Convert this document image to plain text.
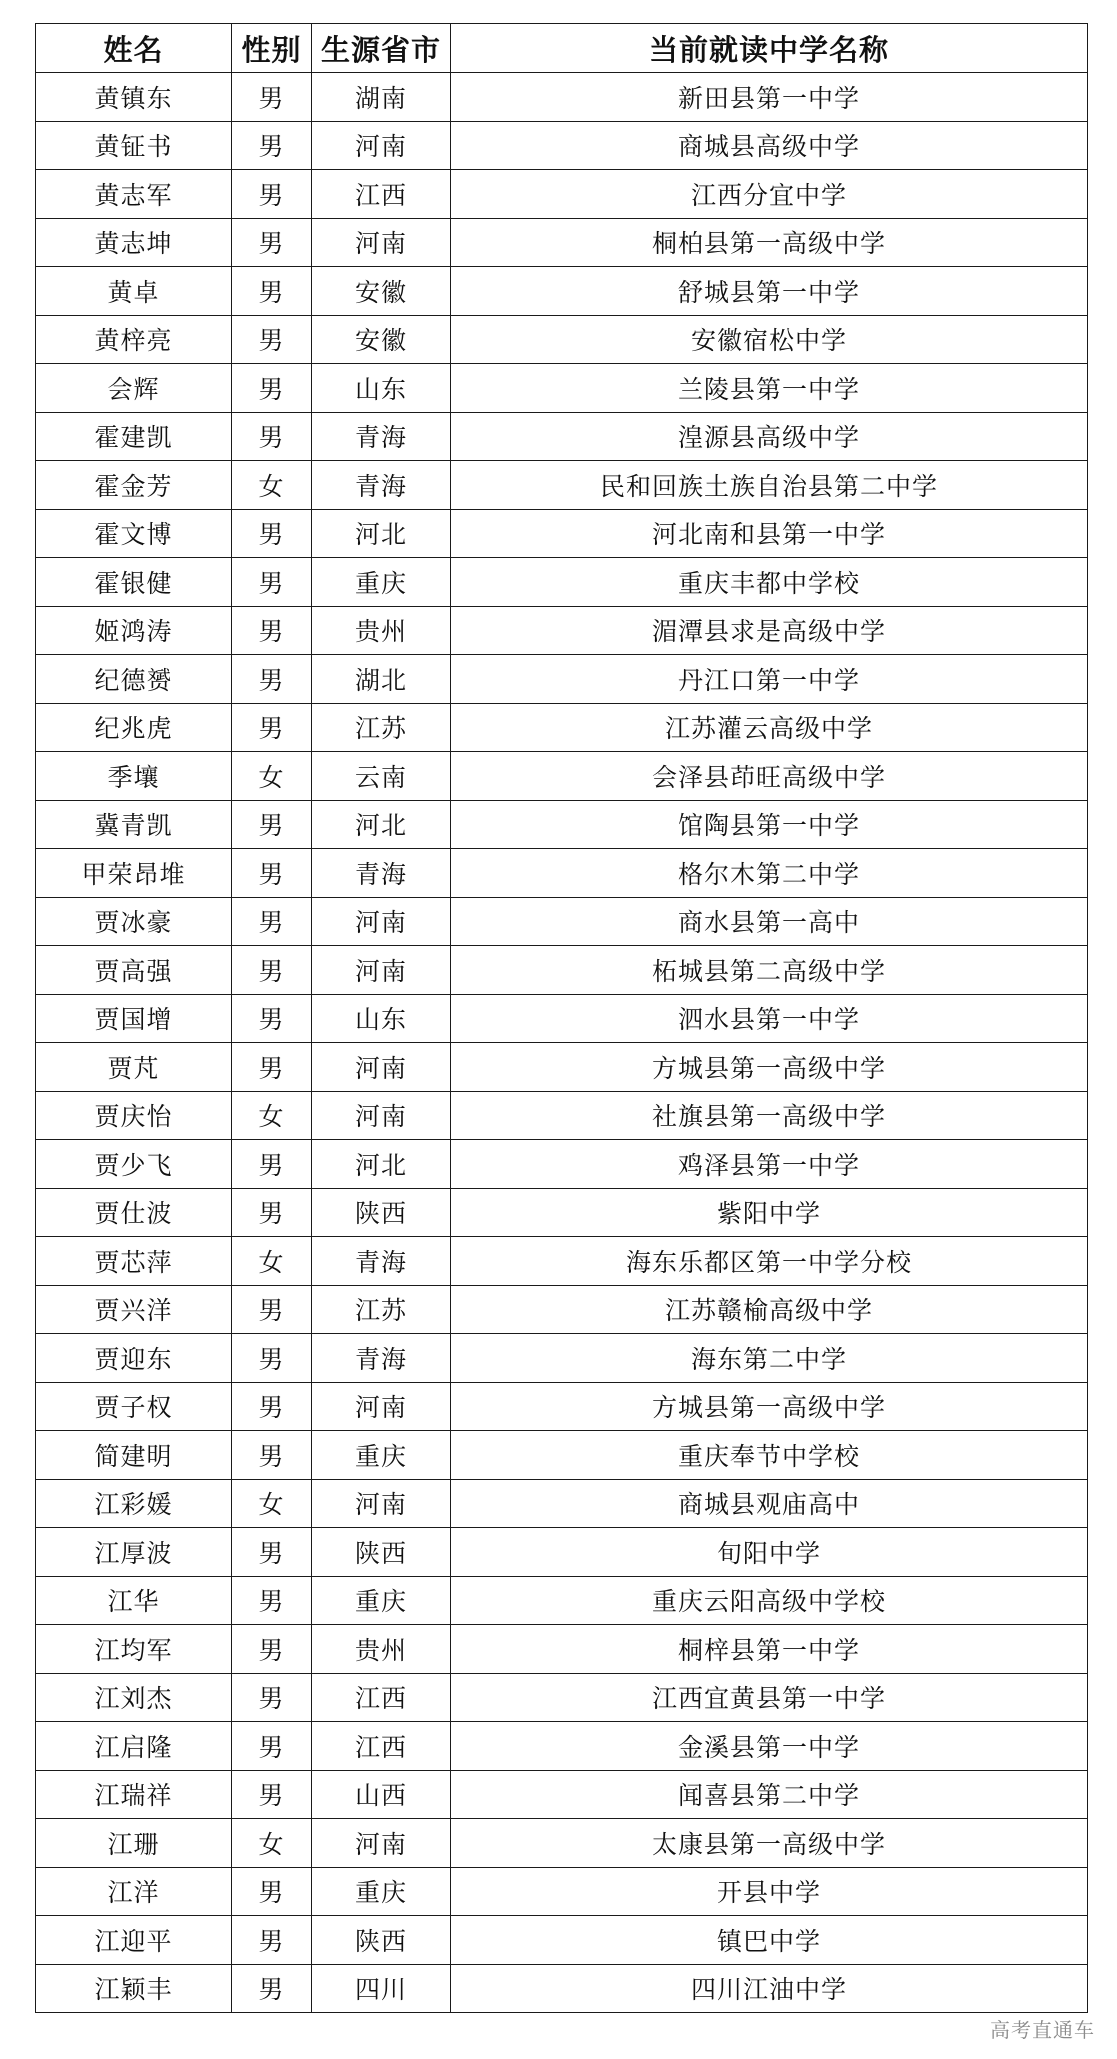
姓名	性别	生源省市	当前就读中学名称
黄镇东	男	湖南	新田县第一中学
黄钲书	男	河南	商城县高级中学
黄志军	男	江西	江西分宜中学
黄志坤	男	河南	桐柏县第一高级中学
黄卓	男	安徽	舒城县第一中学
黄梓亮	男	安徽	安徽宿松中学
会辉	男	山东	兰陵县第一中学
霍建凯	男	青海	湟源县高级中学
霍金芳	女	青海	民和回族土族自治县第二中学
霍文博	男	河北	河北南和县第一中学
霍银健	男	重庆	重庆丰都中学校
姬鸿涛	男	贵州	湄潭县求是高级中学
纪德赟	男	湖北	丹江口第一中学
纪兆虎	男	江苏	江苏灌云高级中学
季壤	女	云南	会泽县茚旺高级中学
冀青凯	男	河北	馆陶县第一中学
甲荣昂堆	男	青海	格尔木第二中学
贾冰豪	男	河南	商水县第一高中
贾高强	男	河南	柘城县第二高级中学
贾国增	男	山东	泗水县第一中学
贾芃	男	河南	方城县第一高级中学
贾庆怡	女	河南	社旗县第一高级中学
贾少飞	男	河北	鸡泽县第一中学
贾仕波	男	陕西	紫阳中学
贾芯萍	女	青海	海东乐都区第一中学分校
贾兴洋	男	江苏	江苏赣榆高级中学
贾迎东	男	青海	海东第二中学
贾子权	男	河南	方城县第一高级中学
简建明	男	重庆	重庆奉节中学校
江彩媛	女	河南	商城县观庙高中
江厚波	男	陕西	旬阳中学
江华	男	重庆	重庆云阳高级中学校
江均军	男	贵州	桐梓县第一中学
江刘杰	男	江西	江西宜黄县第一中学
江启隆	男	江西	金溪县第一中学
江瑞祥	男	山西	闻喜县第二中学
江珊	女	河南	太康县第一高级中学
江洋	男	重庆	开县中学
江迎平	男	陕西	镇巴中学
江颖丰	男	四川	四川江油中学
高考直通车
